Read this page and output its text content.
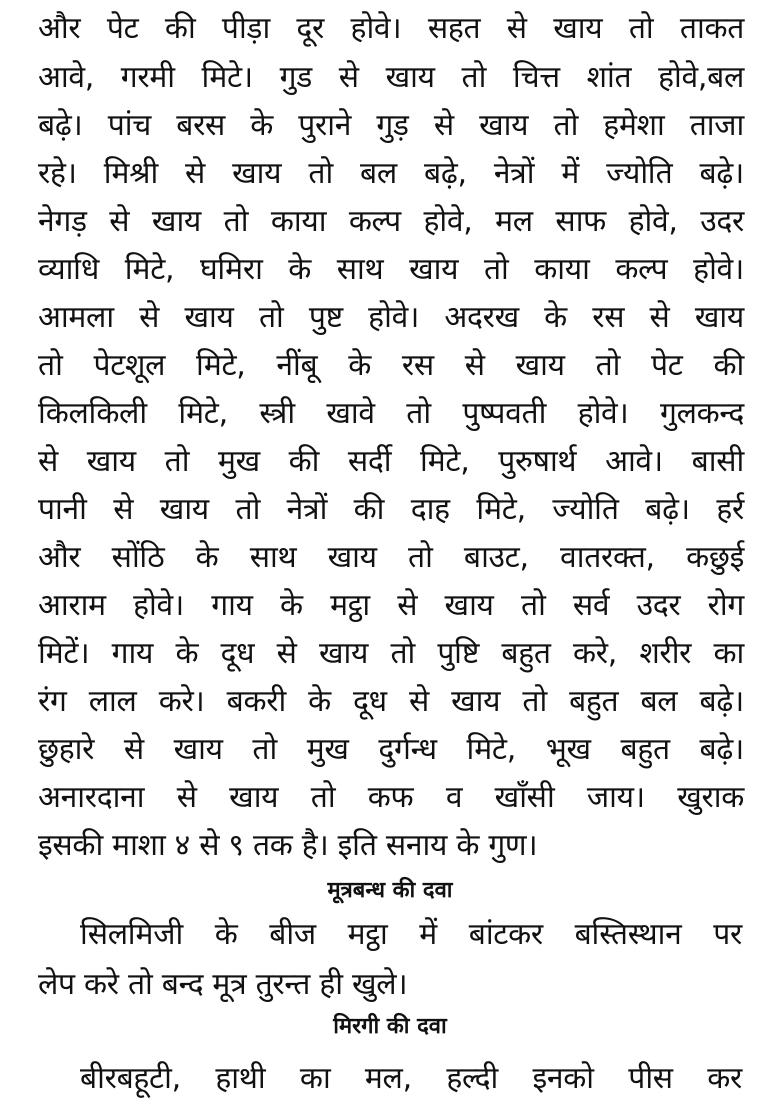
और पेट की पीड़ा दूर होवे। सहत से खाय तो ताकत
आवे, गरमी मिटे। गुड से खाय तो चित्त शांत होवे,बल
बढ़े। पांच बरस के पुराने गुड़ से खाय तो हमेशा ताजा
रहे। मिश्री से खाय तो बल बढ़े, नेत्रों में ज्योति बढ़े।
नेगड़ से खाय तो काया कल्प होवे, मल साफ होवे, उदर
व्याधि मिटे, घमिरा के साथ खाय तो काया कल्प होवे।
आमला से खाय तो पुष्ट होवे। अदरख के रस से खाय
तो पेटशूल मिटे, नींबू के रस से खाय तो पेट की
किलकिली मिटे, स्त्री खावे तो पुष्पवती होवे। गुलकन्द
से खाय तो मुख की सर्दी मिटे, पुरुषार्थ आवे। बासी
पानी से खाय तो नेत्रों की दाह मिटे, ज्योति बढ़े। हर्र
और सोंठि के साथ खाय तो बाउट, वातरक्त, कछुई
आराम होवे। गाय के मट्ठा से खाय तो सर्व उदर रोग
मिटें। गाय के दूध से खाय तो पुष्टि बहुत करे, शरीर का
रंग लाल करे। बकरी के दूध से खाय तो बहुत बल बढ़े।
छुहारे से खाय तो मुख दुर्गन्ध मिटे, भूख बहुत बढ़े।
अनारदाना से खाय तो कफ व खाँसी जाय। खुराक
इसकी माशा ४ से ९ तक है। इति सनाय के गुण।
मूत्रबन्ध की दवा
सिलमिजी के बीज मट्ठा में बांटकर बस्तिस्थान पर
लेप करे तो बन्द मूत्र तुरन्त ही खुले।
मिरगी की दवा
बीरबहूटी, हाथी का मल, हल्दी इनको पीस कर
